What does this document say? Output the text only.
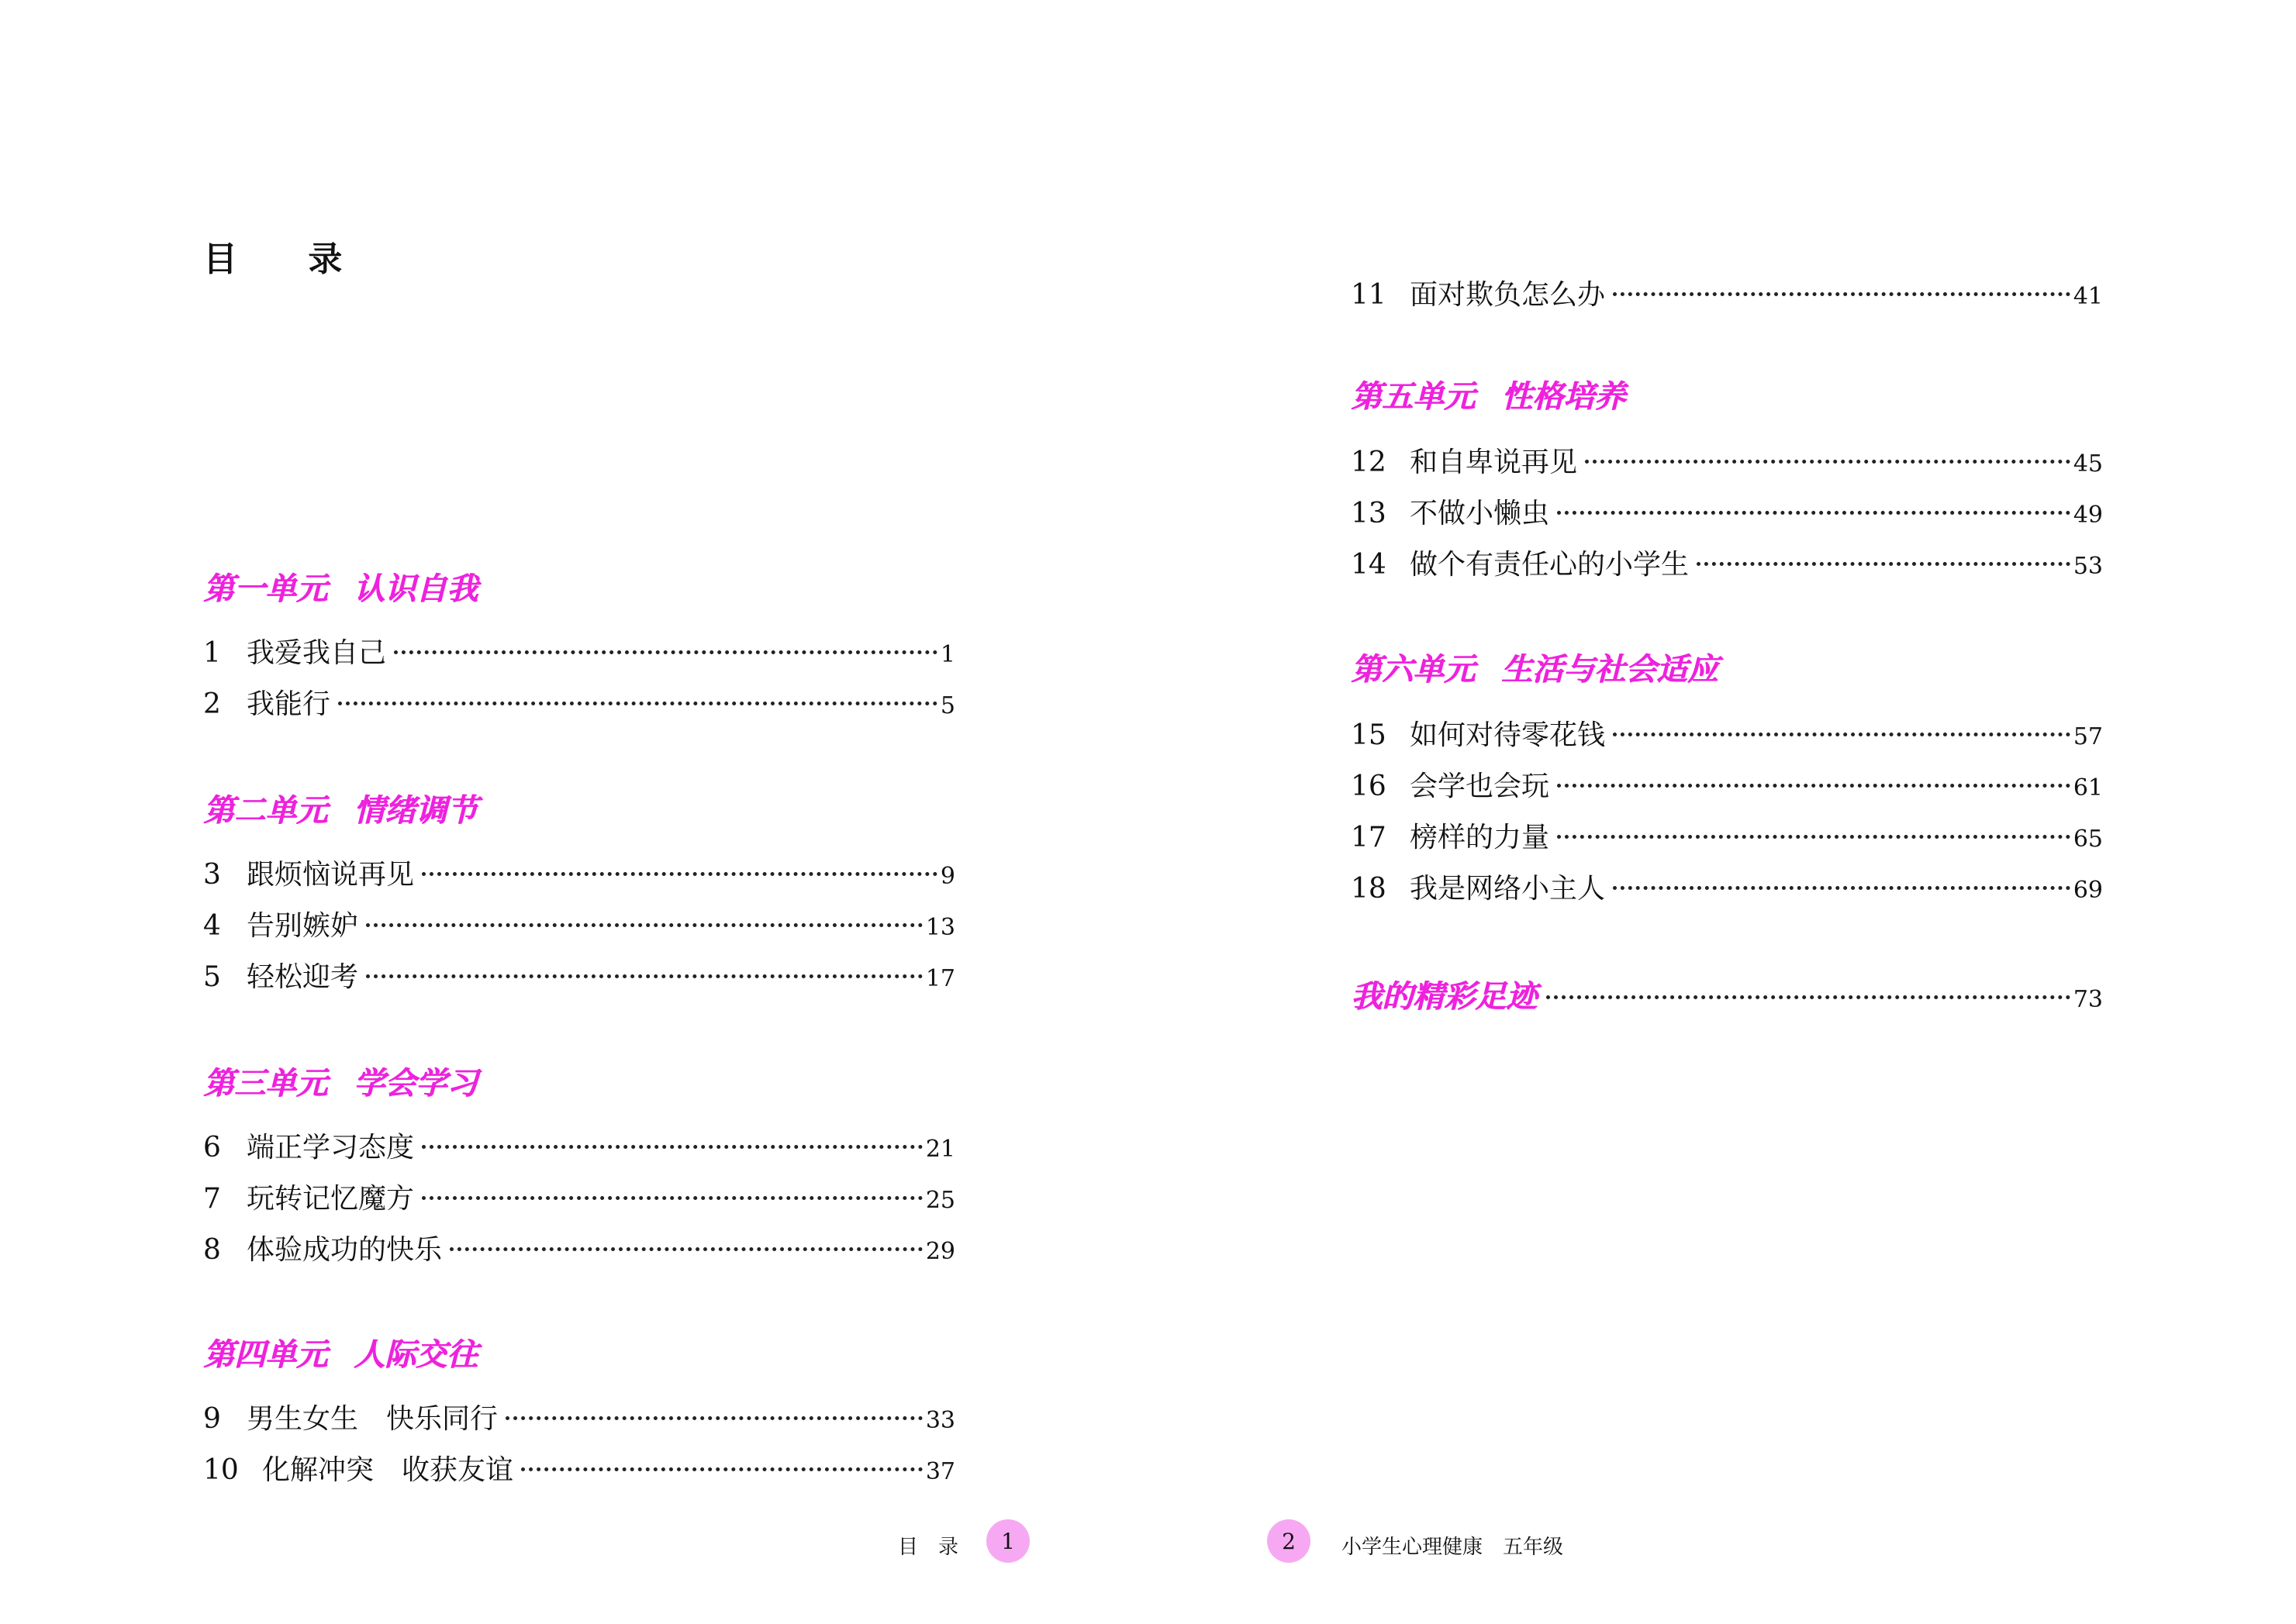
目 录
第一单元 认识自我
1 我爱我自己	1
2 我能行	5
第二单元 情绪调节
3 跟烦恼说再见	9
4 告别嫉妒	13
5 轻松迎考	17
第三单元 学会学习
6 端正学习态度	21
7 玩转记忆魔方	25
8 体验成功的快乐	29
第四单元 人际交往
9 男生女生　快乐同行	33
10 化解冲突　收获友谊	37
11 面对欺负怎么办	41
第五单元 性格培养
12 和自卑说再见	45
13 不做小懒虫	49
14 做个有责任心的小学生	53
第六单元 生活与社会适应
15 如何对待零花钱	57
16 会学也会玩	61
17 榜样的力量	65
18 我是网络小主人	69
我的精彩足迹	73
目　录 1	2 小学生心理健康　五年级
